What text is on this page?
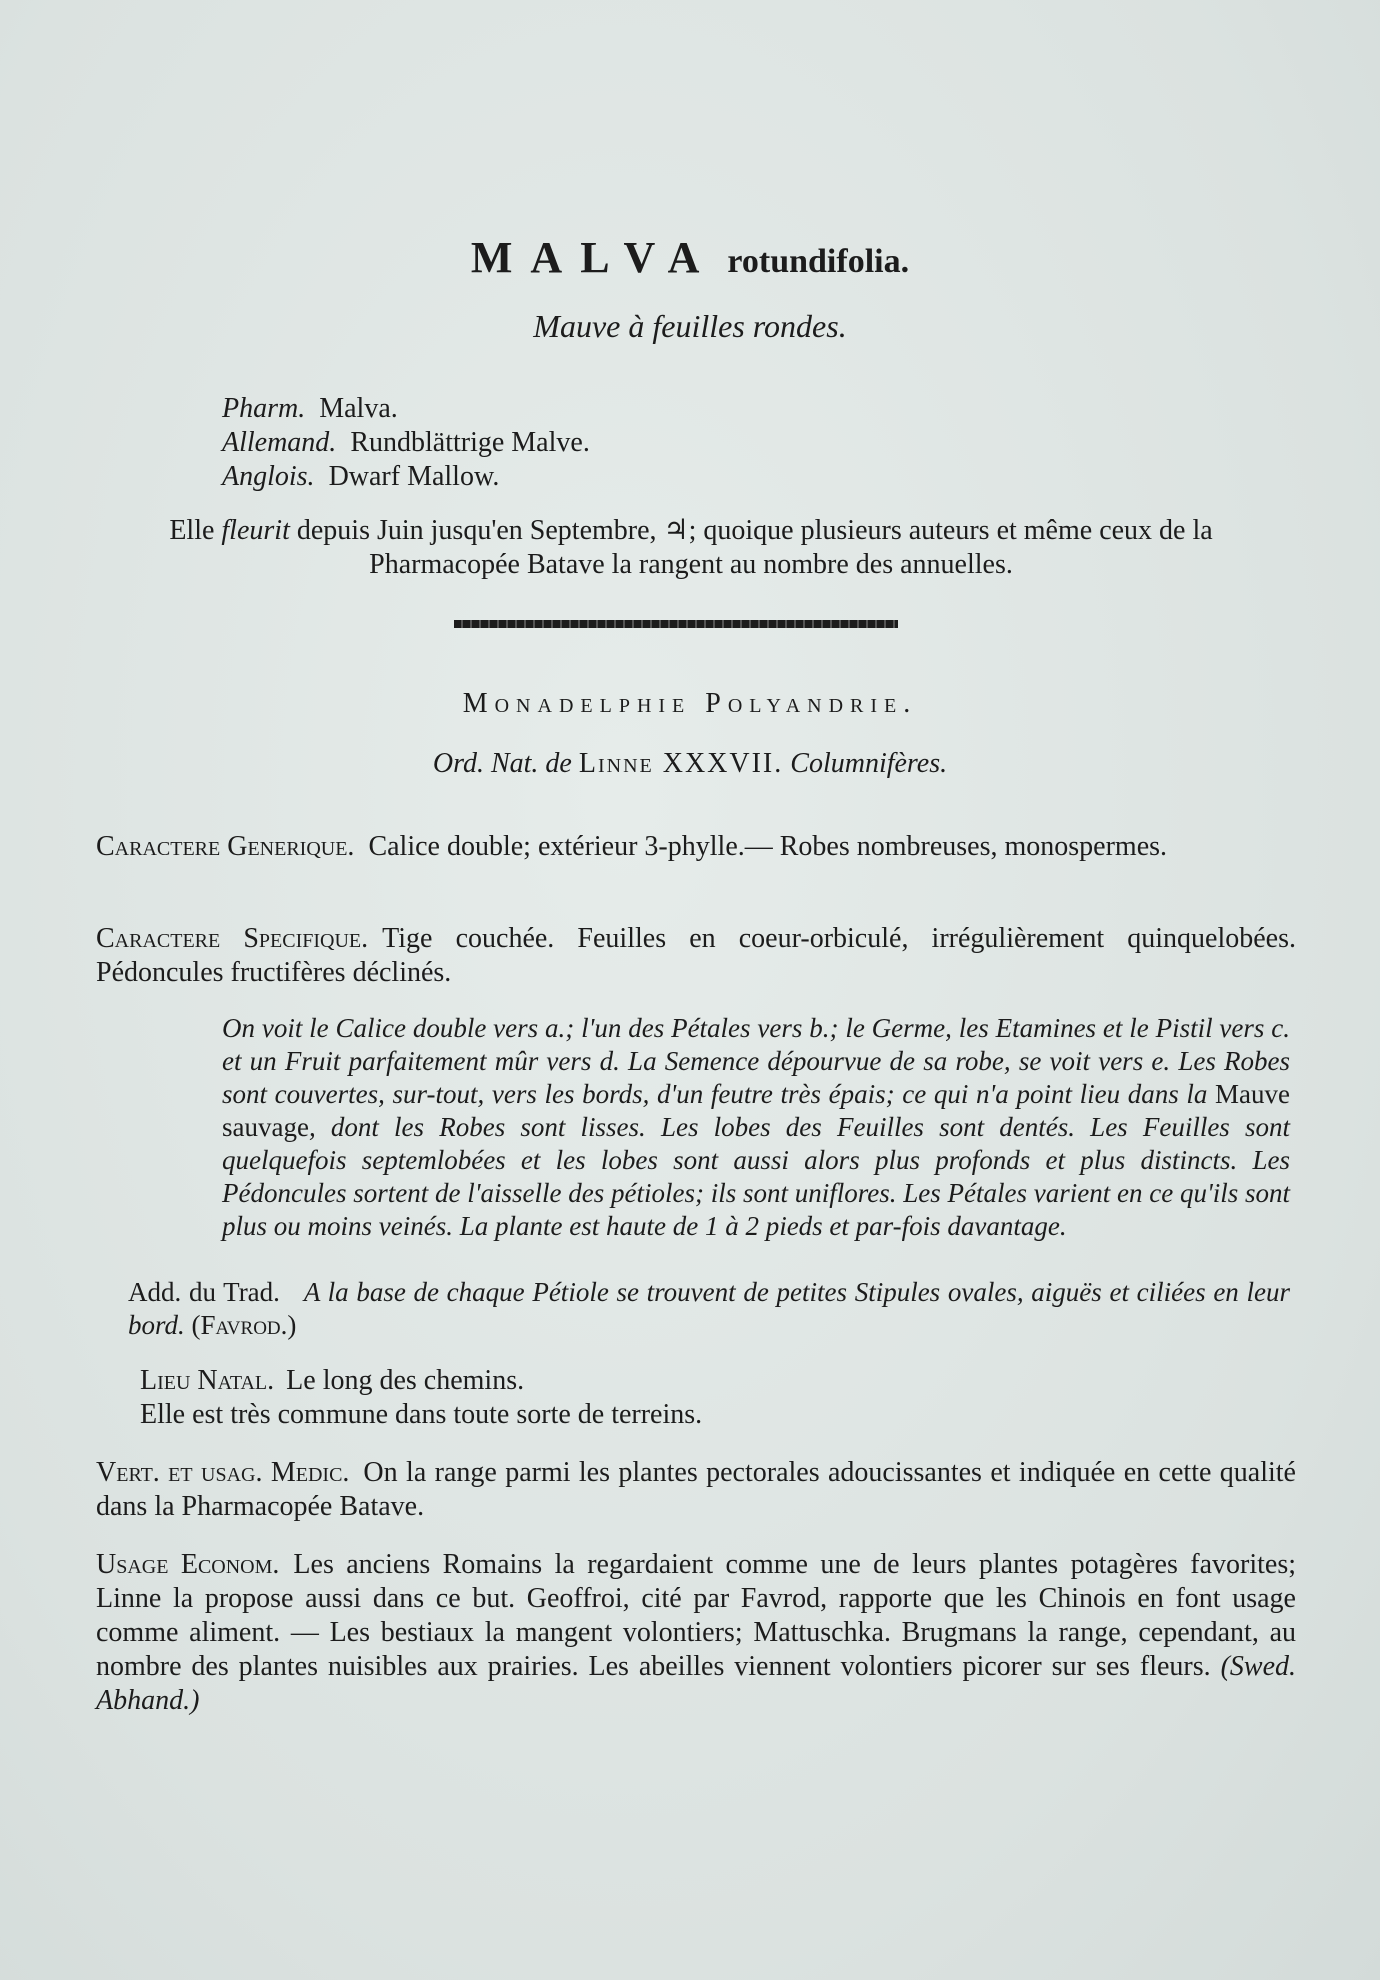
MALVA rotundifolia.
Mauve à feuilles rondes.
Pharm. Malva.
Allemand. Rundblättrige Malve.
Anglois. Dwarf Mallow.
Elle fleurit depuis Juin jusqu'en Septembre, ♃; quoique plusieurs auteurs et même ceux de la Pharmacopée Batave la rangent au nombre des annuelles.
Monadelphie Polyandrie.
Ord. Nat. de Linne XXXVII. Columnifères.
Caractere Generique. Calice double; extérieur 3-phylle.— Robes nombreuses, monospermes.
Caractere Specifique. Tige couchée. Feuilles en coeur-orbiculé, irrégulièrement quinquelobées. Pédoncules fructifères déclinés.
On voit le Calice double vers a.; l'un des Pétales vers b.; le Germe, les Etamines et le Pistil vers c. et un Fruit parfaitement mûr vers d. La Semence dépourvue de sa robe, se voit vers e. Les Robes sont couvertes, sur-tout, vers les bords, d'un feutre très épais; ce qui n'a point lieu dans la Mauve sauvage, dont les Robes sont lisses. Les lobes des Feuilles sont dentés. Les Feuilles sont quelquefois septemlobées et les lobes sont aussi alors plus profonds et plus distincts. Les Pédoncules sortent de l'aisselle des pétioles; ils sont uniflores. Les Pétales varient en ce qu'ils sont plus ou moins veinés. La plante est haute de 1 à 2 pieds et par-fois davantage.
Add. du Trad. A la base de chaque Pétiole se trouvent de petites Stipules ovales, aiguës et ciliées en leur bord. (Favrod.)
Lieu Natal. Le long des chemins.
Elle est très commune dans toute sorte de terreins.
Vert. et usag. Medic. On la range parmi les plantes pectorales adoucissantes et indiquée en cette qualité dans la Pharmacopée Batave.
Usage Econom. Les anciens Romains la regardaient comme une de leurs plantes potagères favorites; Linne la propose aussi dans ce but. Geoffroi, cité par Favrod, rapporte que les Chinois en font usage comme aliment. — Les bestiaux la mangent volontiers; Mattuschka. Brugmans la range, cependant, au nombre des plantes nuisibles aux prairies. Les abeilles viennent volontiers picorer sur ses fleurs. (Swed. Abhand.)
